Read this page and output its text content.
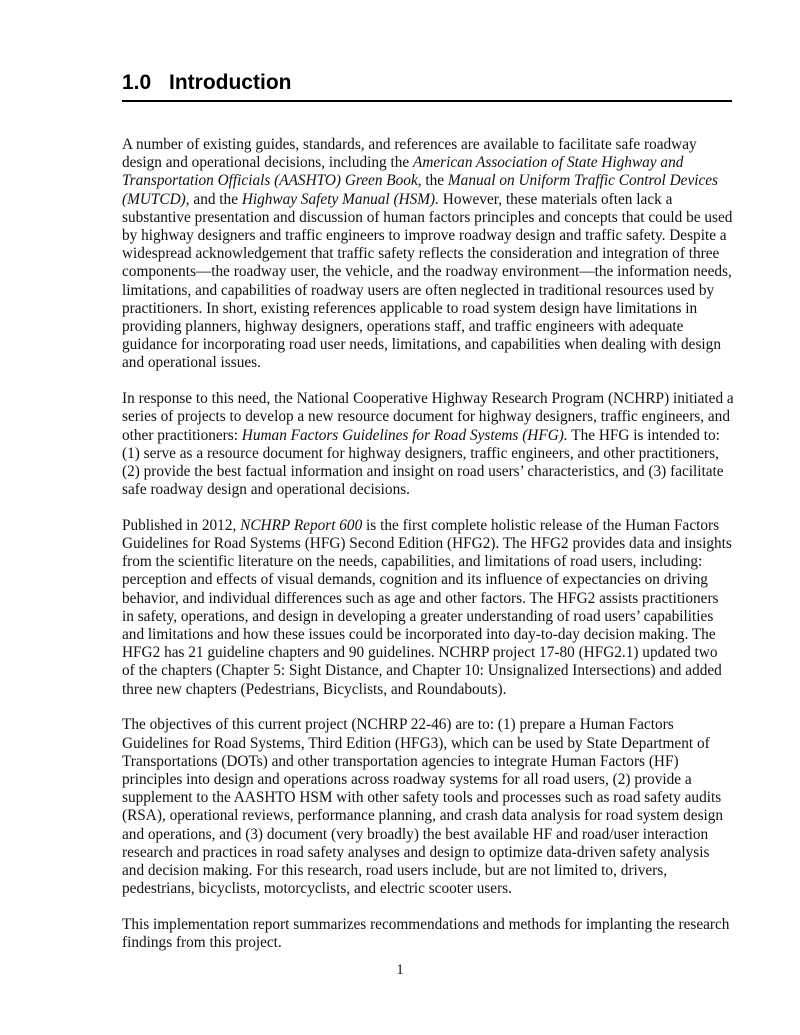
1.0 Introduction

A number of existing guides, standards, and references are available to facilitate safe roadway design and operational decisions, including the American Association of State Highway and Transportation Officials (AASHTO) Green Book, the Manual on Uniform Traffic Control Devices (MUTCD), and the Highway Safety Manual (HSM). However, these materials often lack a substantive presentation and discussion of human factors principles and concepts that could be used by highway designers and traffic engineers to improve roadway design and traffic safety. Despite a widespread acknowledgement that traffic safety reflects the consideration and integration of three components—the roadway user, the vehicle, and the roadway environment—the information needs, limitations, and capabilities of roadway users are often neglected in traditional resources used by practitioners. In short, existing references applicable to road system design have limitations in providing planners, highway designers, operations staff, and traffic engineers with adequate guidance for incorporating road user needs, limitations, and capabilities when dealing with design and operational issues.

In response to this need, the National Cooperative Highway Research Program (NCHRP) initiated a series of projects to develop a new resource document for highway designers, traffic engineers, and other practitioners: Human Factors Guidelines for Road Systems (HFG). The HFG is intended to: (1) serve as a resource document for highway designers, traffic engineers, and other practitioners, (2) provide the best factual information and insight on road users’ characteristics, and (3) facilitate safe roadway design and operational decisions.

Published in 2012, NCHRP Report 600 is the first complete holistic release of the Human Factors Guidelines for Road Systems (HFG) Second Edition (HFG2). The HFG2 provides data and insights from the scientific literature on the needs, capabilities, and limitations of road users, including: perception and effects of visual demands, cognition and its influence of expectancies on driving behavior, and individual differences such as age and other factors. The HFG2 assists practitioners in safety, operations, and design in developing a greater understanding of road users’ capabilities and limitations and how these issues could be incorporated into day-to-day decision making. The HFG2 has 21 guideline chapters and 90 guidelines. NCHRP project 17-80 (HFG2.1) updated two of the chapters (Chapter 5: Sight Distance, and Chapter 10: Unsignalized Intersections) and added three new chapters (Pedestrians, Bicyclists, and Roundabouts).

The objectives of this current project (NCHRP 22-46) are to: (1) prepare a Human Factors Guidelines for Road Systems, Third Edition (HFG3), which can be used by State Department of Transportations (DOTs) and other transportation agencies to integrate Human Factors (HF) principles into design and operations across roadway systems for all road users, (2) provide a supplement to the AASHTO HSM with other safety tools and processes such as road safety audits (RSA), operational reviews, performance planning, and crash data analysis for road system design and operations, and (3) document (very broadly) the best available HF and road/user interaction research and practices in road safety analyses and design to optimize data-driven safety analysis and decision making. For this research, road users include, but are not limited to, drivers, pedestrians, bicyclists, motorcyclists, and electric scooter users.

This implementation report summarizes recommendations and methods for implanting the research findings from this project.

1
